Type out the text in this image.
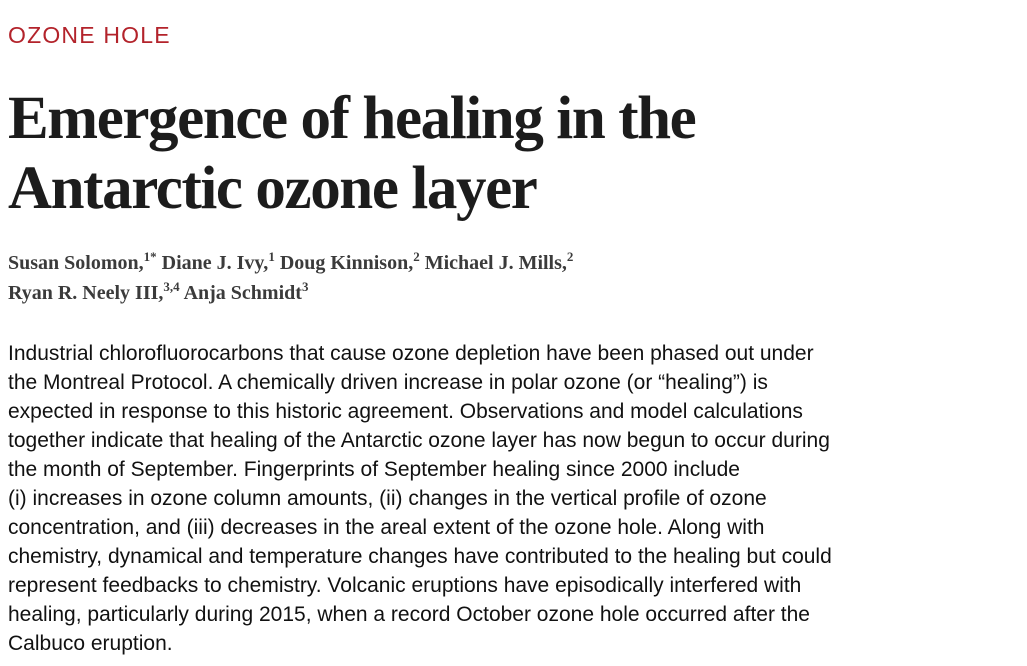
OZONE HOLE
Emergence of healing in the
Antarctic ozone layer
Susan Solomon,$^{1*}$ Diane J. Ivy,$^1$ Doug Kinnison,$^2$ Michael J. Mills,$^2$
Ryan R. Neely III,$^{3,4}$ Anja Schmidt$^3$
Industrial chlorofluorocarbons that cause ozone depletion have been phased out under
the Montreal Protocol. A chemically driven increase in polar ozone (or “healing”) is
expected in response to this historic agreement. Observations and model calculations
together indicate that healing of the Antarctic ozone layer has now begun to occur during
the month of September. Fingerprints of September healing since 2000 include
(i) increases in ozone column amounts, (ii) changes in the vertical profile of ozone
concentration, and (iii) decreases in the areal extent of the ozone hole. Along with
chemistry, dynamical and temperature changes have contributed to the healing but could
represent feedbacks to chemistry. Volcanic eruptions have episodically interfered with
healing, particularly during 2015, when a record October ozone hole occurred after the
Calbuco eruption.
